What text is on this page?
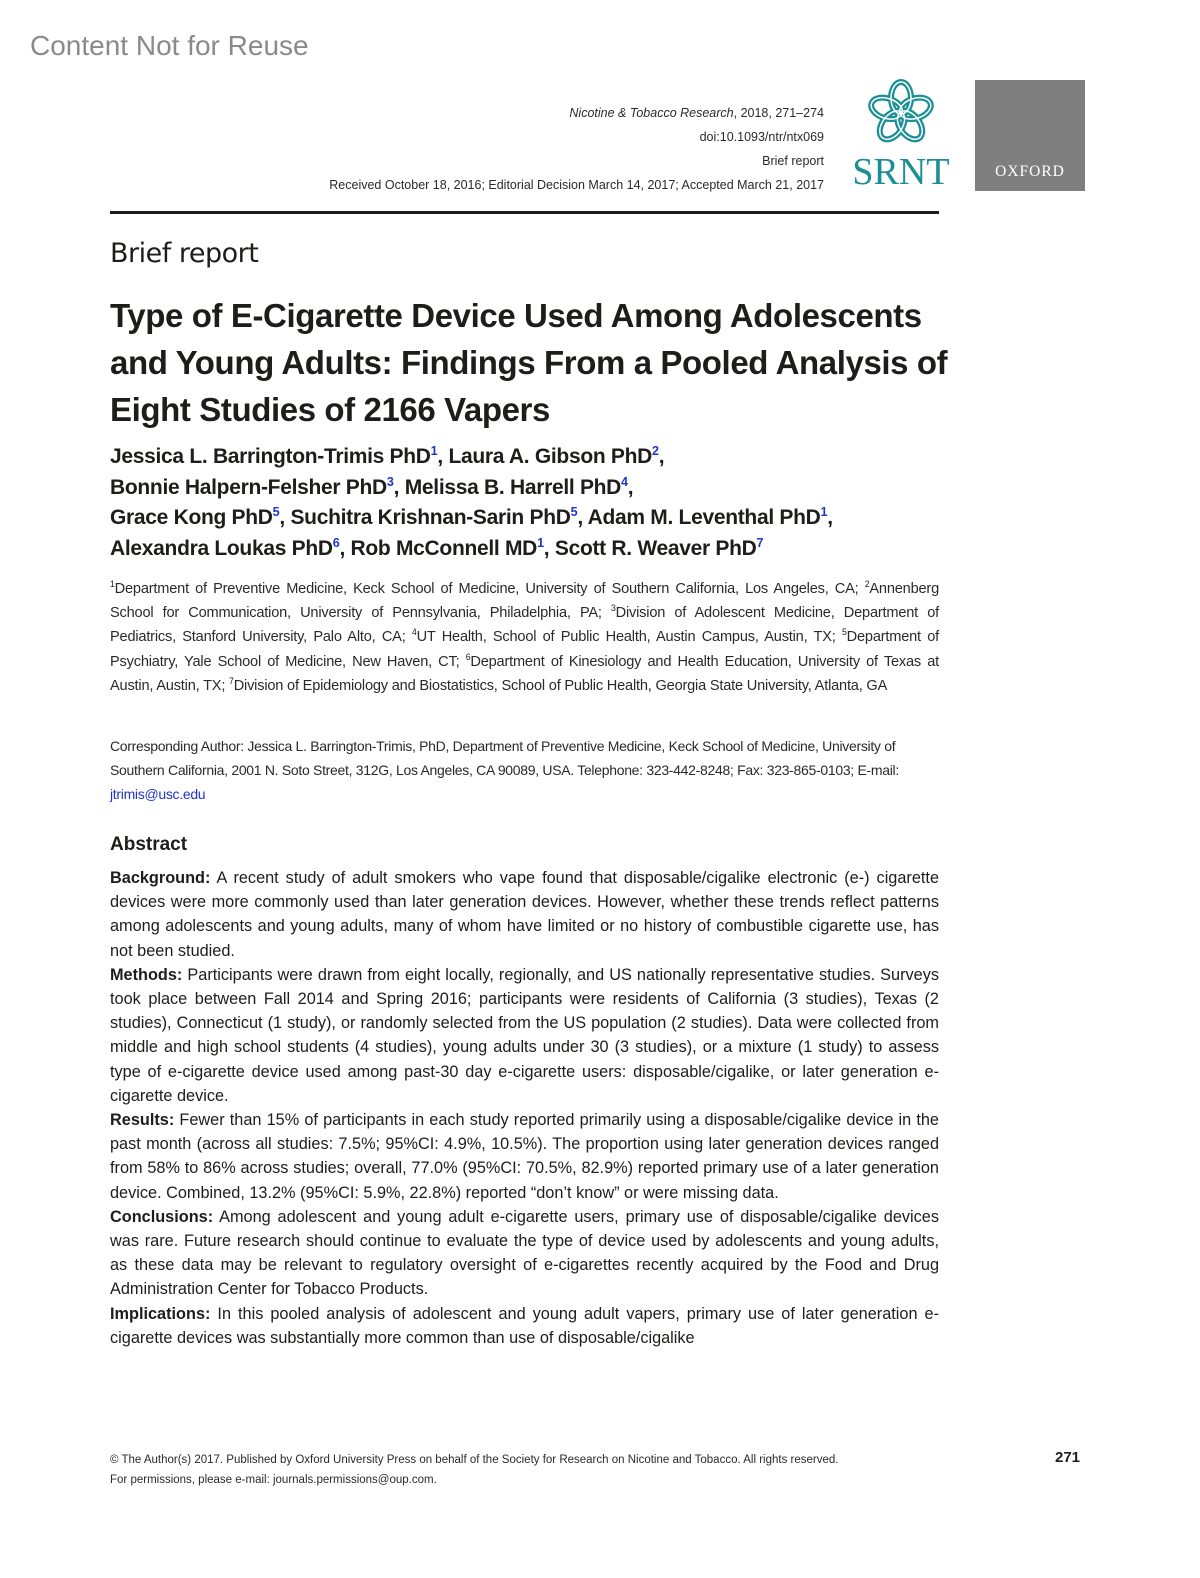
Content Not for Reuse
Nicotine & Tobacco Research, 2018, 271–274
doi:10.1093/ntr/ntx069
Brief report
Received October 18, 2016; Editorial Decision March 14, 2017; Accepted March 21, 2017 SRNT	OXFORD
Brief report
Type of E-Cigarette Device Used Among Adolescents and Young Adults: Findings From a Pooled Analysis of Eight Studies of 2166 Vapers
Jessica L. Barrington-Trimis PhD$^1$, Laura A. Gibson PhD$^2$,
Bonnie Halpern-Felsher PhD$^3$, Melissa B. Harrell PhD$^4$,
Grace Kong PhD$^5$, Suchitra Krishnan-Sarin PhD$^5$, Adam M. Leventhal PhD$^1$,
Alexandra Loukas PhD$^6$, Rob McConnell $MD^1$, Scott R. Weaver PhD$^7$
$^1$Department of Preventive Medicine, Keck School of Medicine, University of Southern California, Los Angeles, CA; $^2$Annenberg School for Communication, University of Pennsylvania, Philadelphia, PA; $^3$Division of Adolescent Medicine, Department of Pediatrics, Stanford University, Palo Alto, CA; $^4$UT Health, School of Public Health, Austin Campus, Austin, TX; $^5$Department of Psychiatry, Yale School of Medicine, New Haven, CT; $^6$Department of Kinesiology and Health Education, University of Texas at Austin, Austin, TX; $^7$Division of Epidemiology and Biostatistics, School of Public Health, Georgia State University, Atlanta, GA
Corresponding Author: Jessica L. Barrington-Trimis, PhD, Department of Preventive Medicine, Keck School of Medicine, University of Southern California, 2001 N. Soto Street, 312G, Los Angeles, CA 90089, USA. Telephone: 323-442-8248; Fax: 323-865-0103; E-mail: jtrimis@usc.edu
Abstract

Background: A recent study of adult smokers who vape found that disposable/cigalike electronic (e-) cigarette devices were more commonly used than later generation devices. However, whether these trends reflect patterns among adolescents and young adults, many of whom have limited or no history of combustible cigarette use, has not been studied.

Methods: Participants were drawn from eight locally, regionally, and US nationally representative studies. Surveys took place between Fall 2014 and Spring 2016; participants were residents of California (3 studies), Texas (2 studies), Connecticut (1 study), or randomly selected from the US population (2 studies). Data were collected from middle and high school students (4 studies), young adults under 30 (3 studies), or a mixture (1 study) to assess type of e-cigarette device used among past-30 day e-cigarette users: disposable/cigalike, or later generation e-cigarette device.

Results: Fewer than 15% of participants in each study reported primarily using a disposable/cigalike device in the past month (across all studies: 7.5%; 95%CI: 4.9%, 10.5%). The proportion using later generation devices ranged from 58% to 86% across studies; overall, 77.0% (95%CI: 70.5%, 82.9%) reported primary use of a later generation device. Combined, 13.2% (95%CI: 5.9%, 22.8%) reported “don’t know” or were missing data.

Conclusions: Among adolescent and young adult e-cigarette users, primary use of disposable/cigalike devices was rare. Future research should continue to evaluate the type of device used by adolescents and young adults, as these data may be relevant to regulatory oversight of e-cigarettes recently acquired by the Food and Drug Administration Center for Tobacco Products.

Implications: In this pooled analysis of adolescent and young adult vapers, primary use of later generation e-cigarette devices was substantially more common than use of disposable/cigalike

© The Author(s) 2017. Published by Oxford University Press on behalf of the Society for Research on Nicotine and Tobacco. All rights reserved.
For permissions, please e-mail: journals.permissions@oup.com.
271
